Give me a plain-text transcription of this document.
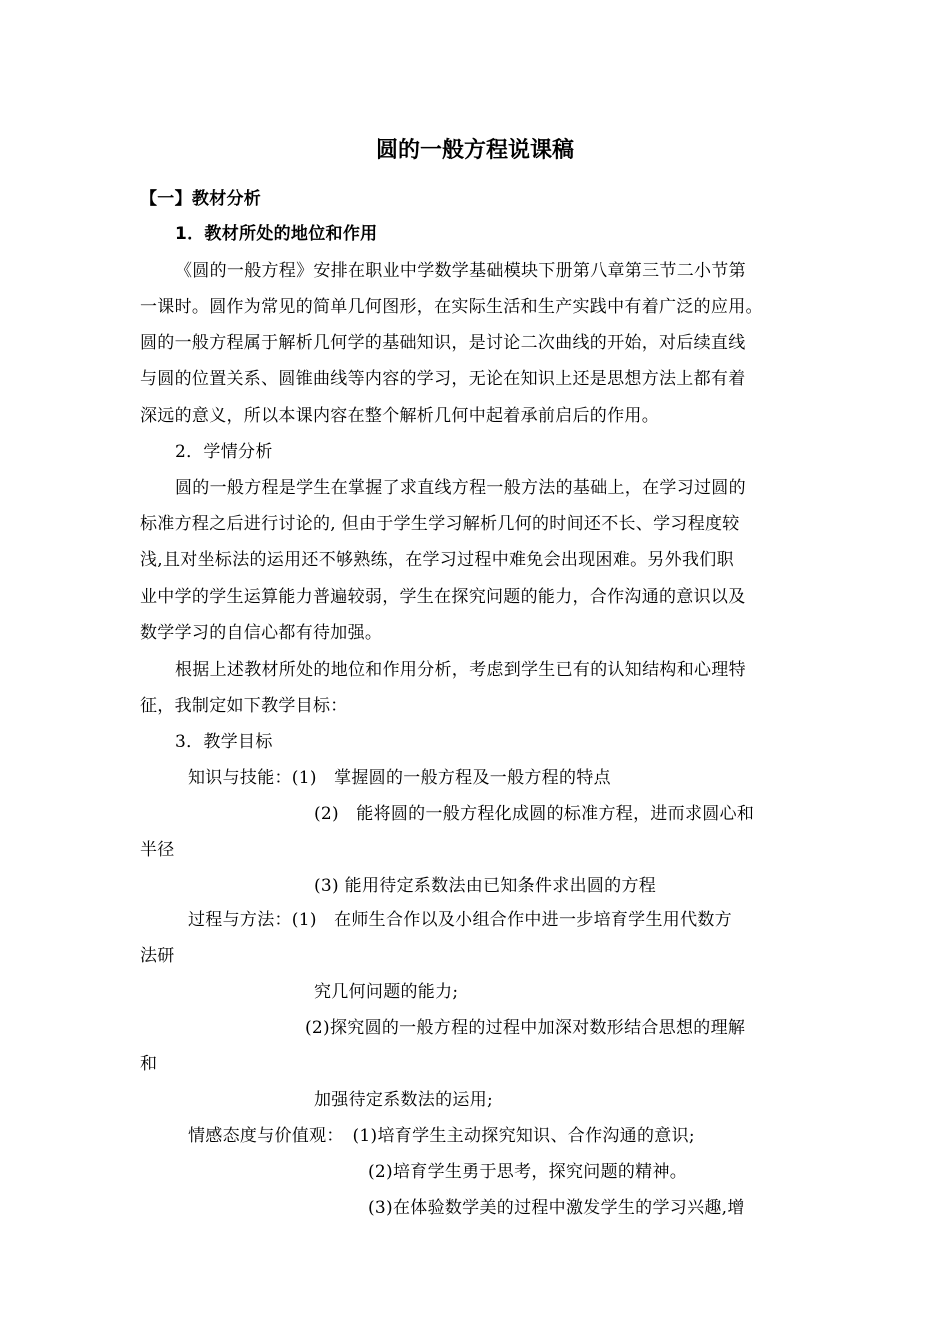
圆的一般方程说课稿
【一】教材分析
1．教材所处的地位和作用
《圆的一般方程》安排在职业中学数学基础模块下册第八章第三节二小节第
一课时。圆作为常见的简单几何图形，在实际生活和生产实践中有着广泛的应用。
圆的一般方程属于解析几何学的基础知识，是讨论二次曲线的开始，对后续直线
与圆的位置关系、圆锥曲线等内容的学习，无论在知识上还是思想方法上都有着
深远的意义，所以本课内容在整个解析几何中起着承前启后的作用。
2．学情分析
圆的一般方程是学生在掌握了求直线方程一般方法的基础上，在学习过圆的
标准方程之后进行讨论的, 但由于学生学习解析几何的时间还不长、学习程度较
浅,且对坐标法的运用还不够熟练，在学习过程中难免会出现困难。另外我们职
业中学的学生运算能力普遍较弱，学生在探究问题的能力，合作沟通的意识以及
数学学习的自信心都有待加强。
根据上述教材所处的地位和作用分析，考虑到学生已有的认知结构和心理特
征，我制定如下教学目标：
3．教学目标
知识与技能：(1)　掌握圆的一般方程及一般方程的特点
(2)　能将圆的一般方程化成圆的标准方程，进而求圆心和
半径
(3) 能用待定系数法由已知条件求出圆的方程
过程与方法：(1)　在师生合作以及小组合作中进一步培育学生用代数方
法研
究几何问题的能力;
(2)探究圆的一般方程的过程中加深对数形结合思想的理解
和
加强待定系数法的运用;
情感态度与价值观：　(1)培育学生主动探究知识、合作沟通的意识;
(2)培育学生勇于思考，探究问题的精神。
(3)在体验数学美的过程中激发学生的学习兴趣,增
